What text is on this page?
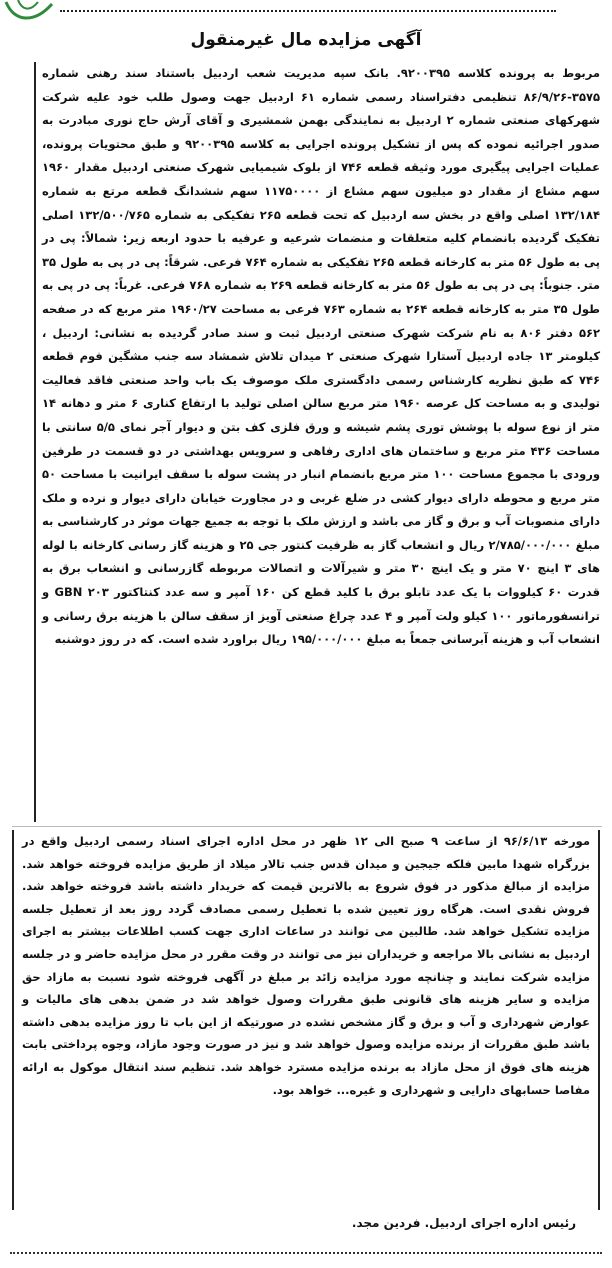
آگهی مزایده مال غیرمنقول

مربوط به پرونده کلاسه ۹۲۰۰۳۹۵. بانک سپه مدیریت شعب اردبیل باستناد سند رهنی شماره ۳۵۷۵-۸۶/۹/۲۶ تنظیمی دفتراسناد رسمی شماره ۶۱ اردبیل جهت وصول طلب خود علیه شرکت شهرکهای صنعتی شماره ۲ اردبیل به نمایندگی بهمن شمشیری و آقای آرش حاج نوری مبادرت به صدور اجرائیه نموده که پس از تشکیل پرونده اجرایی به کلاسه ۹۲۰۰۳۹۵ و طبق محتویات پرونده، عملیات اجرایی پیگیری مورد وثیقه قطعه ۷۴۶ از بلوک شیمیایی شهرک صنعتی اردبیل مقدار ۱۹۶۰ سهم مشاع از مقدار دو میلیون سهم مشاع از ۱۱۷۵۰۰۰۰ سهم ششدانگ قطعه مرتع به شماره ۱۳۲/۱۸۴ اصلی واقع در بخش سه اردبیل که تحت قطعه ۲۶۵ تفکیکی به شماره ۱۳۲/۵۰۰/۷۶۵ اصلی تفکیک گردیده بانضمام کلیه متعلقات و منضمات شرعیه و عرفیه با حدود اربعه زیر: شمالاً: پی در پی به طول ۵۶ متر به کارخانه قطعه ۲۶۵ تفکیکی به شماره ۷۶۴ فرعی. شرقاً: پی در پی به طول ۳۵ متر. جنوباً: پی در پی به طول ۵۶ متر به کارخانه قطعه ۲۶۹ به شماره ۷۶۸ فرعی. غرباً: پی در پی به طول ۳۵ متر به کارخانه قطعه ۲۶۴ به شماره ۷۶۳ فرعی به مساحت ۱۹۶۰/۲۷ متر مربع که در صفحه ۵۶۲ دفتر ۸۰۶ به نام شرکت شهرک صنعتی اردبیل ثبت و سند صادر گردیده به نشانی: اردبیل ، کیلومتر ۱۳ جاده اردبیل آستارا شهرک صنعتی ۲ میدان تلاش شمشاد سه جنب مشگین فوم قطعه ۷۴۶ که طبق نظریه کارشناس رسمی دادگستری ملک موصوف یک باب واحد صنعتی فاقد فعالیت تولیدی و به مساحت کل عرصه ۱۹۶۰ متر مربع سالن اصلی تولید با ارتفاع کناری ۶ متر و دهانه ۱۴ متر از نوع سوله با پوشش توری پشم شیشه و ورق فلزی کف بتن و دیوار آجر نمای ۵/۵ سانتی با مساحت ۴۳۶ متر مربع و ساختمان های اداری رفاهی و سرویس بهداشتی در دو قسمت در طرفین ورودی با مجموع مساحت ۱۰۰ متر مربع بانضمام انبار در پشت سوله با سقف ایرانیت با مساحت ۵۰ متر مربع و محوطه دارای دیوار کشی در ضلع غربی و در مجاورت خیابان دارای دیوار و نرده و ملک دارای منصوبات آب و برق و گاز می باشد و ارزش ملک با توجه به جمیع جهات موثر در کارشناسی به مبلغ ۲/۷۸۵/۰۰۰/۰۰۰ ریال و انشعاب گاز به ظرفیت کنتور جی ۲۵ و هزینه گاز رسانی کارخانه با لوله های ۳ اینچ ۷۰ متر و یک اینچ ۳۰ متر و شیرآلات و اتصالات مربوطه گازرسانی و انشعاب برق به قدرت ۶۰ کیلووات با یک عدد تابلو برق با کلید قطع کن ۱۶۰ آمپر و سه عدد کنتاکتور GBN ۲۰۳ و ترانسفورماتور ۱۰۰ کیلو ولت آمپر و ۴ عدد چراغ صنعتی آویز از سقف سالن با هزینه برق رسانی و انشعاب آب و هزینه آبرسانی جمعاً به مبلغ ۱۹۵/۰۰۰/۰۰۰ ریال براورد شده است. که در روز دوشنبه

مورخه ۹۶/۶/۱۳ از ساعت ۹ صبح الی ۱۲ ظهر در محل اداره اجرای اسناد رسمی اردبیل واقع در بزرگراه شهدا مابین فلکه جیجین و میدان قدس جنب تالار میلاد از طریق مزایده فروخته خواهد شد. مزایده از مبالغ مذکور در فوق شروع به بالاترین قیمت که خریدار داشته باشد فروخته خواهد شد. فروش نقدی است. هرگاه روز تعیین شده با تعطیل رسمی مصادف گردد روز بعد از تعطیل جلسه مزایده تشکیل خواهد شد. طالبین می توانند در ساعات اداری جهت کسب اطلاعات بیشتر به اجرای اردبیل به نشانی بالا مراجعه و خریداران نیز می توانند در وقت مقرر در محل مزایده حاضر و در جلسه مزایده شرکت نمایند و چنانچه مورد مزایده زائد بر مبلغ در آگهی فروخته شود نسبت به مازاد حق مزایده و سایر هزینه های قانونی طبق مقررات وصول خواهد شد در ضمن بدهی های مالیات و عوارض شهرداری و آب و برق و گاز مشخص نشده در صورتیکه از این باب تا روز مزایده بدهی داشته باشد طبق مقررات از برنده مزایده وصول خواهد شد و نیز در صورت وجود مازاد، وجوه پرداختی بابت هزینه های فوق از محل مازاد به برنده مزایده مسترد خواهد شد. تنظیم سند انتقال موکول به ارائه مفاصا حسابهای دارایی و شهرداری و غیره... خواهد بود.

رئیس اداره اجرای اردبیل. فردین مجد.
